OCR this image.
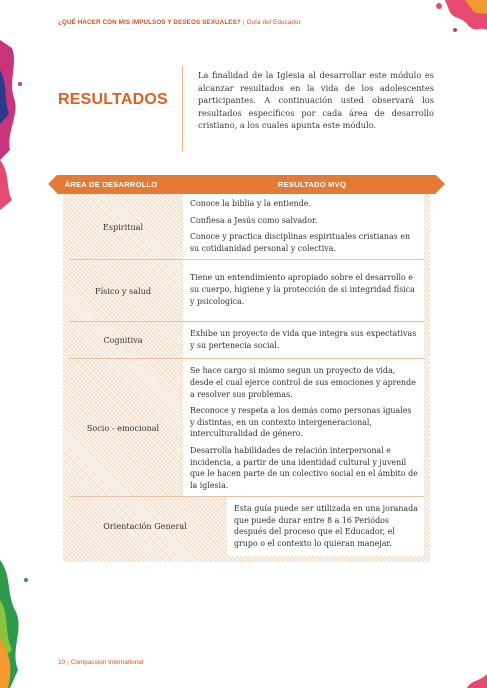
¿QUÉ HACER CON MIS IMPULSOS Y DESEOS SEXUALES? | Guía del Educador
RESULTADOS
La finalidad de la Iglesia al desarrollar este módulo es alcanzar resultados en la vida de los adolescentes participantes. A continuación usted observará los resultados específicos por cada área de desarrollo cristiano, a los cuales apunta este módulo.
ÁREA DE DESARROLLO	RESULTADO MVQ
Espiritual

Conoce la biblia y la entiende.

Confiesa a Jesús como salvador.

Conoce y practica disciplinas espirituales cristianas en su cotidianidad personal y colectiva.

Físico y salud

Tiene un entendimiento apropiado sobre el desarrollo e su cuerpo, higiene y la protección de si integridad física y psicologica.

Cognitiva

Exhibe un proyecto de vida que integra sus expectativas y su pertenecia social.

Socio - emocional

Se hace cargo si mismo segun un proyecto de vida, desde el cual ejerce control de sus emociones y aprende a resolver sus problemas.

Reconoce y respeta a los demás como personas iguales y distintas, en un contexto intergeneracional, interculturalidad de género.

Desarrolla habilidades de relación interpersonal e incidencia, a partir de una identidad cultural y juvenil que le hacen parte de un colectivo social en el ámbito de la iglesia.

Orientación General

Esta guía puede ser utilizada en una joranada que puede durar entre 8 a 16 Periódos después del proceso que el Educador, el grupo o el contexto lo quieran manejar.

10 | Compassion International
